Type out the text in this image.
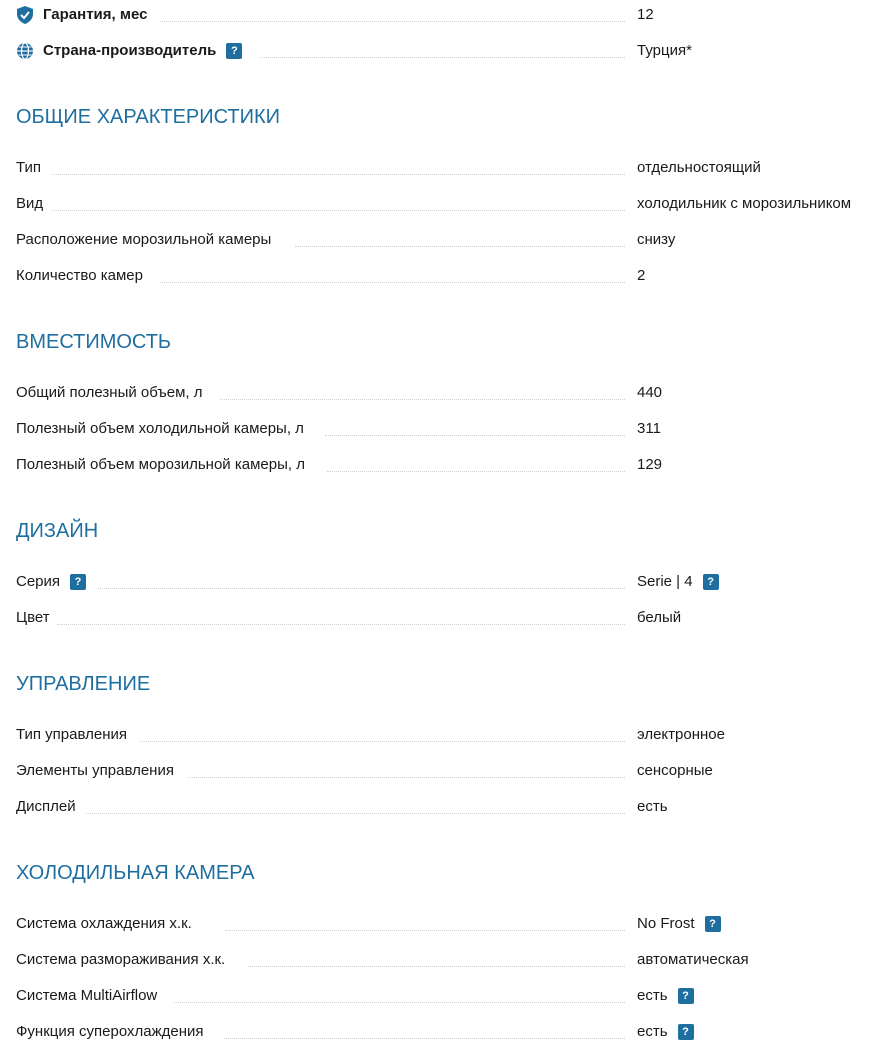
Гарантия, мес	12
Страна-производитель	?	Турция*
ОБЩИЕ ХАРАКТЕРИСТИКИ
Тип	отдельностоящий
Вид	холодильник с морозильником
Расположение морозильной камеры	снизу
Количество камер	2
ВМЕСТИМОСТЬ
Общий полезный объем, л	440
Полезный объем холодильной камеры, л	311
Полезный объем морозильной камеры, л	129
ДИЗАЙН
Серия	?	Serie | 4	?
Цвет	белый
УПРАВЛЕНИЕ
Тип управления	электронное
Элементы управления	сенсорные
Дисплей	есть
ХОЛОДИЛЬНАЯ КАМЕРА
Система охлаждения х.к.	No Frost	?
Система размораживания х.к.	автоматическая
Система MultiAirflow	есть	?
Функция суперохлаждения	есть	?
